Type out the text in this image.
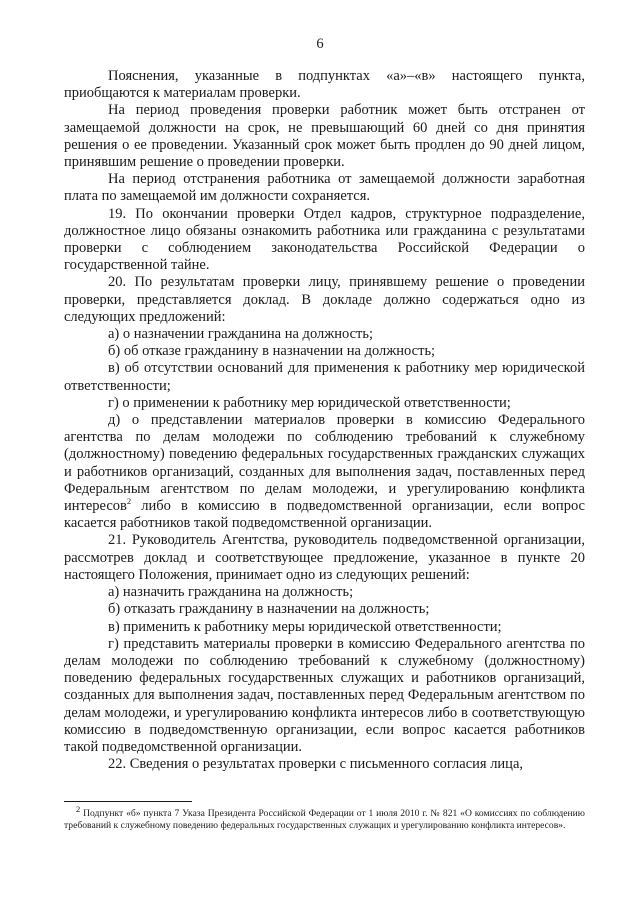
6

Пояснения, указанные в подпунктах «а»–«в» настоящего пункта, приобщаются к материалам проверки.

На период проведения проверки работник может быть отстранен от замещаемой должности на срок, не превышающий 60 дней со дня принятия решения о ее проведении. Указанный срок может быть продлен до 90 дней лицом, принявшим решение о проведении проверки.

На период отстранения работника от замещаемой должности заработная плата по замещаемой им должности сохраняется.

19. По окончании проверки Отдел кадров, структурное подразделение, должностное лицо обязаны ознакомить работника или гражданина с результатами проверки с соблюдением законодательства Российской Федерации о государственной тайне.

20. По результатам проверки лицу, принявшему решение о проведении проверки, представляется доклад. В докладе должно содержаться одно из следующих предложений:

а) о назначении гражданина на должность;

б) об отказе гражданину в назначении на должность;

в) об отсутствии оснований для применения к работнику мер юридической ответственности;

г) о применении к работнику мер юридической ответственности;

д) о представлении материалов проверки в комиссию Федерального агентства по делам молодежи по соблюдению требований к служебному (должностному) поведению федеральных государственных гражданских служащих и работников организаций, созданных для выполнения задач, поставленных перед Федеральным агентством по делам молодежи, и урегулированию конфликта интересов$^2$ либо в комиссию в подведомственной организации, если вопрос касается работников такой подведомственной организации.

21. Руководитель Агентства, руководитель подведомственной организации, рассмотрев доклад и соответствующее предложение, указанное в пункте 20 настоящего Положения, принимает одно из следующих решений:

а) назначить гражданина на должность;

б) отказать гражданину в назначении на должность;

в) применить к работнику меры юридической ответственности;

г) представить материалы проверки в комиссию Федерального агентства по делам молодежи по соблюдению требований к служебному (должностному) поведению федеральных государственных служащих и работников организаций, созданных для выполнения задач, поставленных перед Федеральным агентством по делам молодежи, и урегулированию конфликта интересов либо в соответствующую комиссию в подведомственную организации, если вопрос касается работников такой подведомственной организации.

22. Сведения о результатах проверки с письменного согласия лица,

$^2$ Подпункт «б» пункта 7 Указа Президента Российской Федерации от 1 июля 2010 г. № 821 «О комиссиях по соблюдению требований к служебному поведению федеральных государственных служащих и урегулированию конфликта интересов».
